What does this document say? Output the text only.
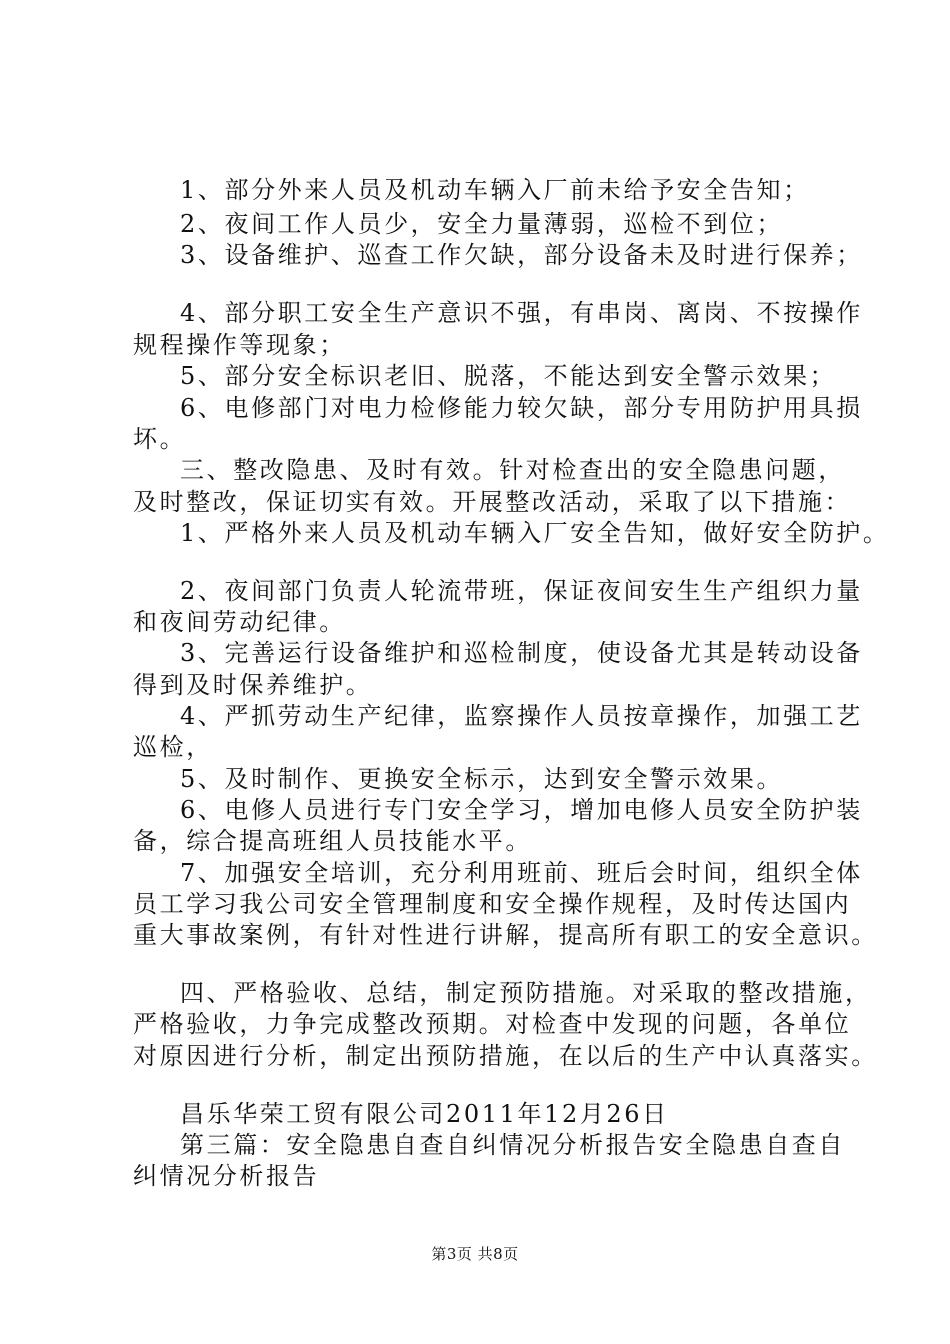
1、部分外来人员及机动车辆入厂前未给予安全告知；
2、夜间工作人员少，安全力量薄弱，巡检不到位；
3、设备维护、巡查工作欠缺，部分设备未及时进行保养；
4、部分职工安全生产意识不强，有串岗、离岗、不按操作
规程操作等现象；
5、部分安全标识老旧、脱落，不能达到安全警示效果；
6、电修部门对电力检修能力较欠缺，部分专用防护用具损
坏。
三、整改隐患、及时有效。针对检查出的安全隐患问题，
及时整改，保证切实有效。开展整改活动，采取了以下措施：
1、严格外来人员及机动车辆入厂安全告知，做好安全防护。
2、夜间部门负责人轮流带班，保证夜间安生生产组织力量
和夜间劳动纪律。
3、完善运行设备维护和巡检制度，使设备尤其是转动设备
得到及时保养维护。
4、严抓劳动生产纪律，监察操作人员按章操作，加强工艺
巡检，
5、及时制作、更换安全标示，达到安全警示效果。
6、电修人员进行专门安全学习，增加电修人员安全防护装
备，综合提高班组人员技能水平。
7、加强安全培训，充分利用班前、班后会时间，组织全体
员工学习我公司安全管理制度和安全操作规程，及时传达国内
重大事故案例，有针对性进行讲解，提高所有职工的安全意识。
四、严格验收、总结，制定预防措施。对采取的整改措施，
严格验收，力争完成整改预期。对检查中发现的问题，各单位
对原因进行分析，制定出预防措施，在以后的生产中认真落实。
昌乐华荣工贸有限公司2011年12月26日
第三篇：安全隐患自查自纠情况分析报告安全隐患自查自
纠情况分析报告
第3页 共8页
